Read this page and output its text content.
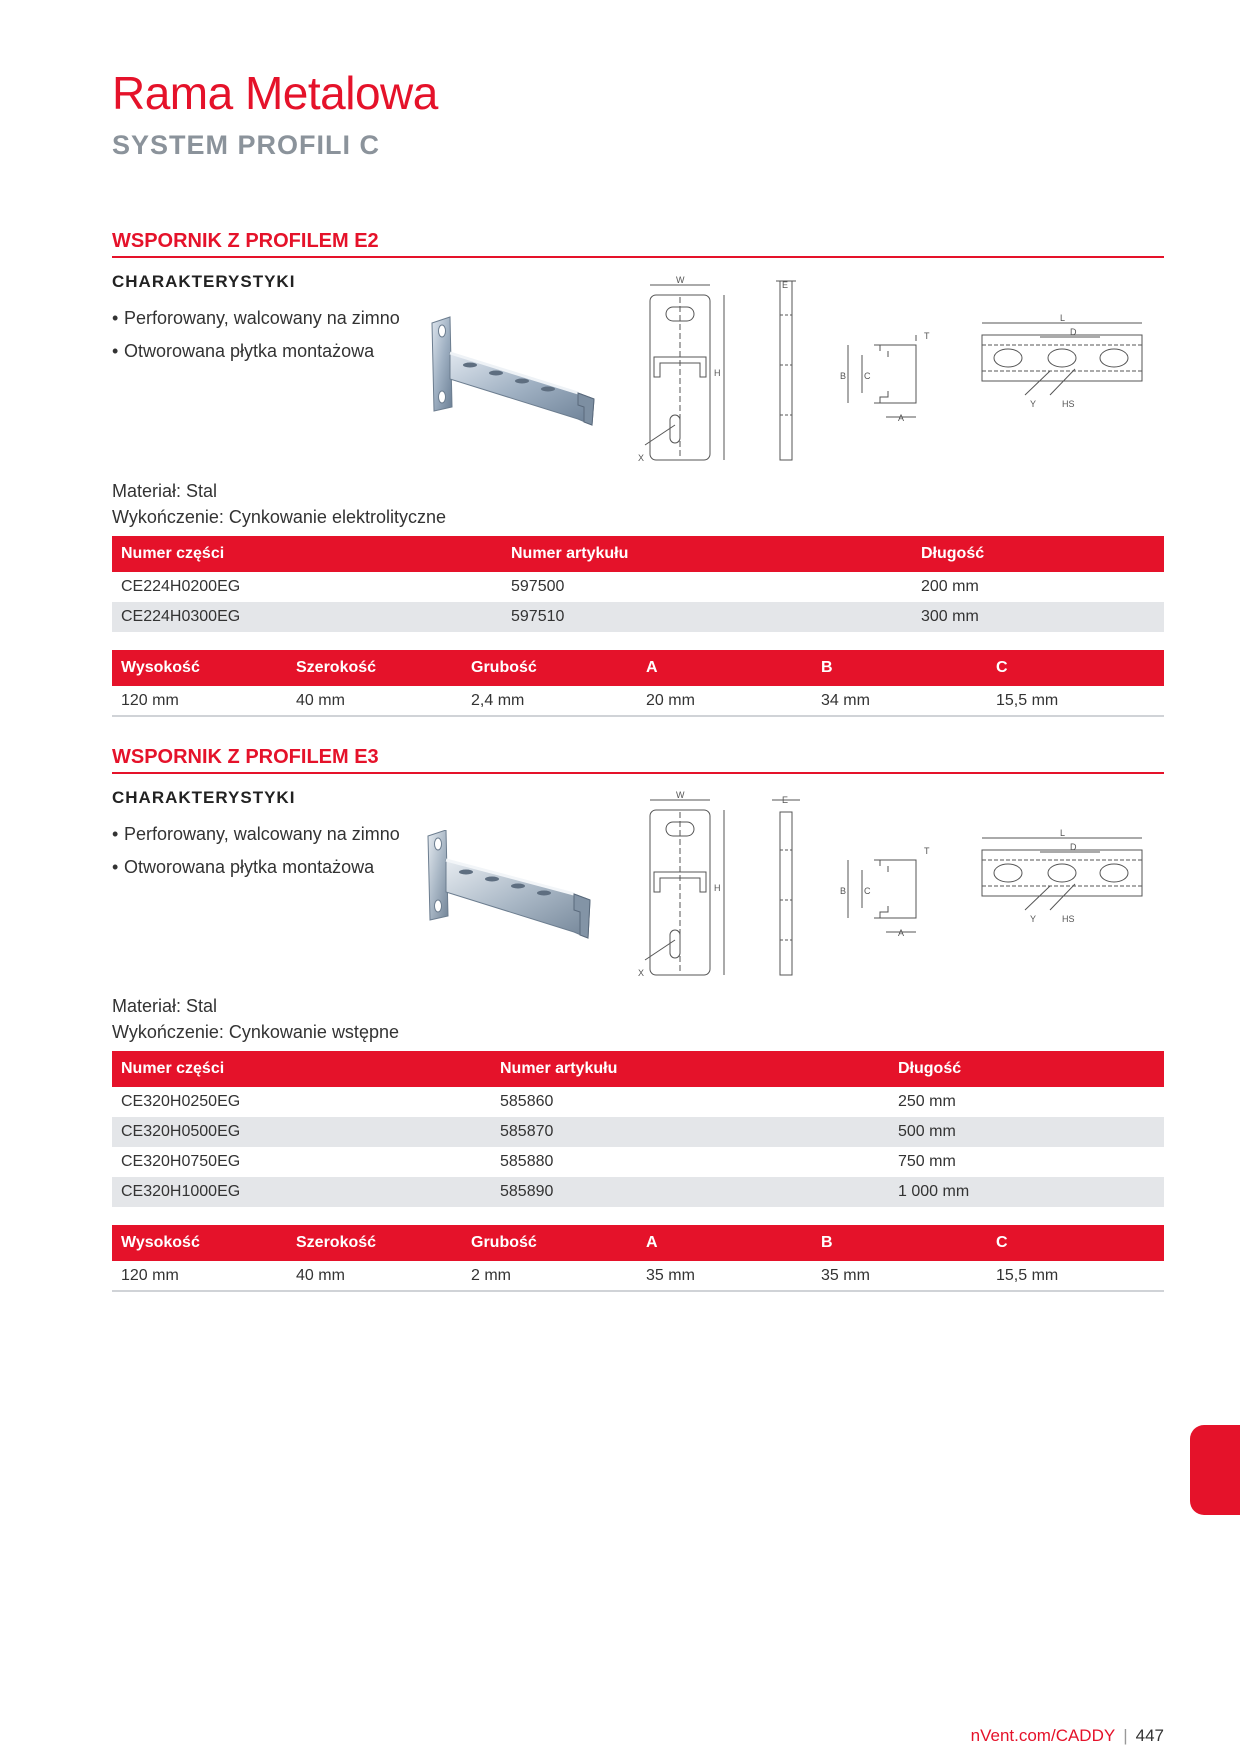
Rama Metalowa
SYSTEM PROFILI C
WSPORNIK Z PROFILEM E2
CHARAKTERYSTYKI
• Perforowany, walcowany na zimno
• Otworowana płytka montażowa
W
H
X
E
T
B C
A
L
D
Y	HS
Materiał: Stal
Wykończenie: Cynkowanie elektrolityczne
Numer części	Numer artykułu	Długość
CE224H0200EG	597500	200 mm
CE224H0300EG	597510	300 mm
Wysokość	Szerokość	Grubość	A	B	C
120 mm	40 mm	2,4 mm	20 mm	34 mm	15,5 mm
WSPORNIK Z PROFILEM E3
CHARAKTERYSTYKI
• Perforowany, walcowany na zimno
• Otworowana płytka montażowa
W
H
X
E
T
B C
A
L
D
Y	HS
Materiał: Stal
Wykończenie: Cynkowanie wstępne
Numer części	Numer artykułu	Długość
CE320H0250EG	585860	250 mm
CE320H0500EG	585870	500 mm
CE320H0750EG	585880	750 mm
CE320H1000EG	585890	1 000 mm
Wysokość	Szerokość	Grubość	A	B	C
120 mm	40 mm	2 mm	35 mm	35 mm	15,5 mm
nVent.com/CADDY | 447
